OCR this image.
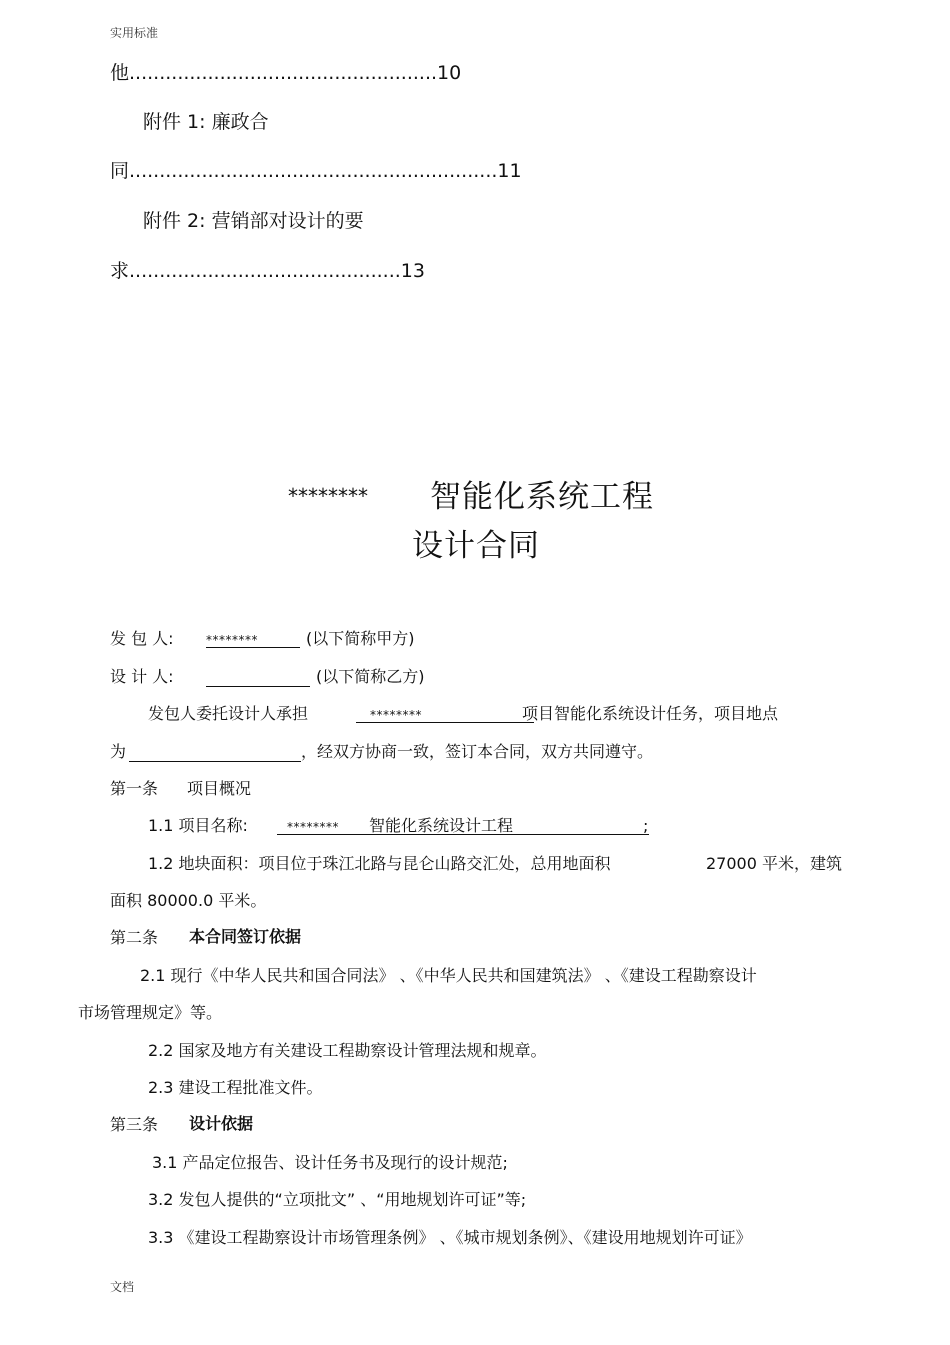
实用标准
他...................................................10
附件 1: 廉政合
同.............................................................11
附件 2: 营销部对设计的要
求.............................................13
******** 智能化系统工程
设计合同
发 包 人:	********	(以下简称甲方)
设 计 人:	(以下简称乙方)
发包人委托设计人承担	********	项目智能化系统设计任务，项目地点
为	，经双方协商一致，签订本合同，双方共同遵守。
第一条 项目概况
1.1 项目名称:	******** 智能化系统设计工程	;
1.2 地块面积：项目位于珠江北路与昆仑山路交汇处，总用地面积	27000 平米，建筑
面积 80000.0 平米。
第二条 本合同签订依据
2.1 现行《中华人民共和国合同法》 、《中华人民共和国建筑法》 、《建设工程勘察设计
市场管理规定》等。
2.2 国家及地方有关建设工程勘察设计管理法规和规章。
2.3 建设工程批准文件。
第三条 设计依据
3.1 产品定位报告、设计任务书及现行的设计规范;
3.2 发包人提供的“立项批文” 、“用地规划许可证”等;
3.3 《建设工程勘察设计市场管理条例》 、《城市规划条例》、《建设用地规划许可证》
文档
